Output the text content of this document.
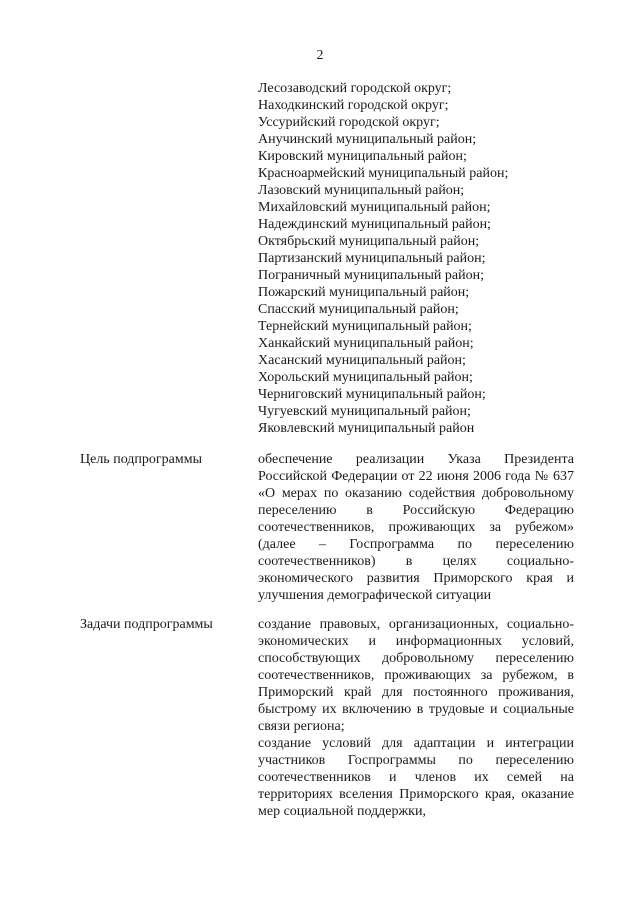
2
Лесозаводский городской округ;
Находкинский городской округ;
Уссурийский городской округ;
Анучинский муниципальный район;
Кировский муниципальный район;
Красноармейский муниципальный район;
Лазовский муниципальный район;
Михайловский муниципальный район;
Надеждинский муниципальный район;
Октябрьский муниципальный район;
Партизанский муниципальный район;
Пограничный муниципальный район;
Пожарский муниципальный район;
Спасский муниципальный район;
Тернейский муниципальный район;
Ханкайский муниципальный район;
Хасанский муниципальный район;
Хорольский муниципальный район;
Черниговский муниципальный район;
Чугуевский муниципальный район;
Яковлевский муниципальный район
Цель подпрограммы	обеспечение реализации Указа Президента Российской Федерации от 22 июня 2006 года № 637 «О мерах по оказанию содействия добровольному переселению в Российскую Федерацию соотечественников, проживающих за рубежом» (далее – Госпрограмма по переселению соотечественников) в целях социально-экономического развития Приморского края и улучшения демографической ситуации

Задачи подпрограммы	создание правовых, организационных, социально-экономических и информационных условий, способствующих добровольному переселению соотечественников, проживающих за рубежом, в Приморский край для постоянного проживания, быстрому их включению в трудовые и социальные связи региона;

создание условий для адаптации и интеграции участников Госпрограммы по переселению соотечественников и членов их семей на территориях вселения Приморского края, оказание мер социальной поддержки,
